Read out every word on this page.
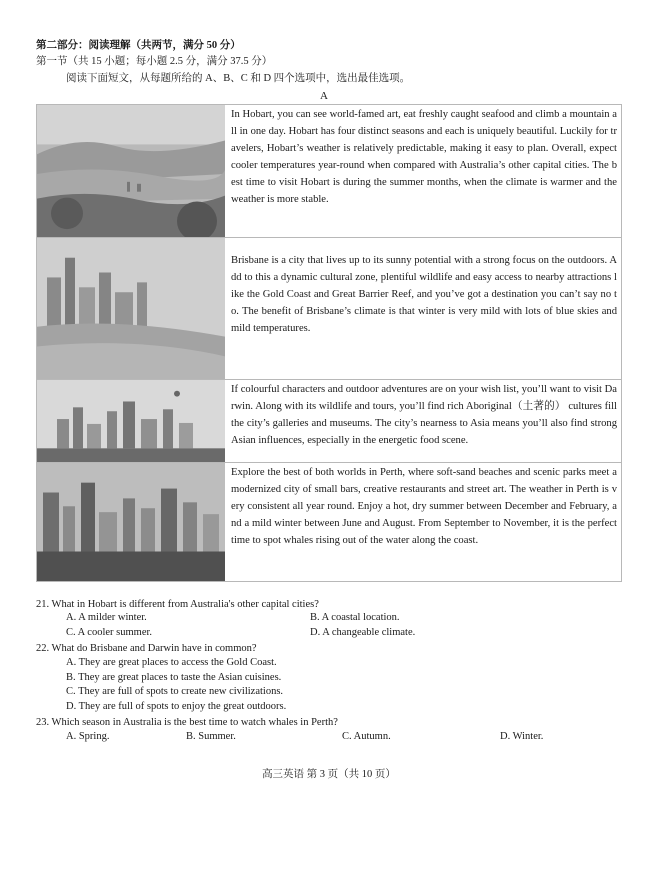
第二部分：阅读理解（共两节，满分 50 分）
第一节（共 15 小题；每小题 2.5 分，满分 37.5 分）
阅读下面短文，从每题所给的 A、B、C 和 D 四个选项中，选出最佳选项。
A
In Hobart, you can see world-famed art, eat freshly caught seafood and climb a mountain all in one day. Hobart has four distinct seasons and each is uniquely beautiful. Luckily for travelers, Hobart’s weather is relatively predictable, making it easy to plan. Overall, expect cooler temperatures year-round when compared with Australia’s other capital cities. The best time to visit Hobart is during the summer months, when the climate is warmer and the weather is more stable.
Brisbane is a city that lives up to its sunny potential with a strong focus on the outdoors. Add to this a dynamic cultural zone, plentiful wildlife and easy access to nearby attractions like the Gold Coast and Great Barrier Reef, and you’ve got a destination you can’t say no to. The benefit of Brisbane’s climate is that winter is very mild with lots of blue skies and mild temperatures.
If colourful characters and outdoor adventures are on your wish list, you’ll want to visit Darwin. Along with its wildlife and tours, you’ll find rich Aboriginal（土著的） cultures fill the city’s galleries and museums. The city’s nearness to Asia means you’ll also find strong Asian influences, especially in the energetic food scene.
Explore the best of both worlds in Perth, where soft-sand beaches and scenic parks meet a modernized city of small bars, creative restaurants and street art. The weather in Perth is very consistent all year round. Enjoy a hot, dry summer between December and February, and a mild winter between June and August. From September to November, it is the perfect time to spot whales rising out of the water along the coast.
21. What in Hobart is different from Australia's other capital cities?
A. A milder winter.	B. A coastal location.
C. A cooler summer.	D. A changeable climate.
22. What do Brisbane and Darwin have in common?
A. They are great places to access the Gold Coast.
B. They are great places to taste the Asian cuisines.
C. They are full of spots to create new civilizations.
D. They are full of spots to enjoy the great outdoors.
23. Which season in Australia is the best time to watch whales in Perth?
A. Spring.	B. Summer.	C. Autumn.	D. Winter.
高三英语 第 3 页（共 10 页）
